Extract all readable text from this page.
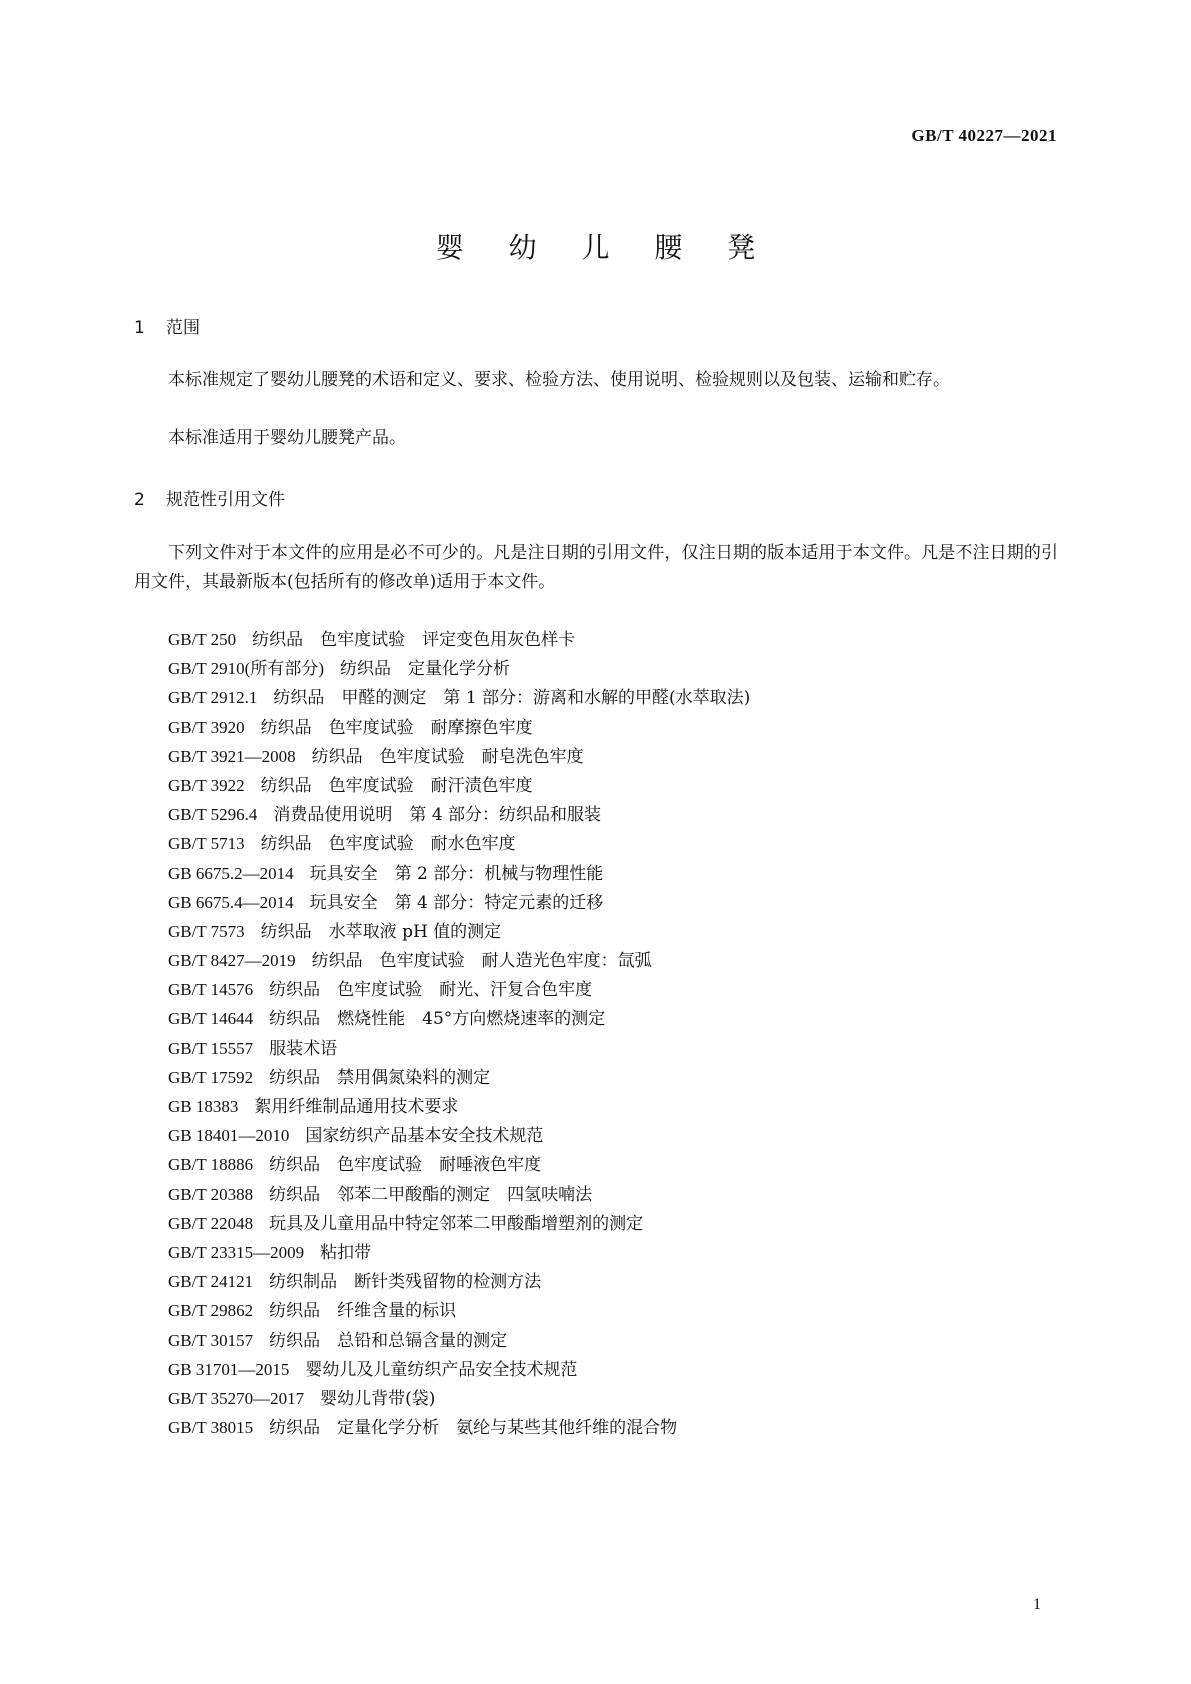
GB/T 40227—2021
婴 幼 儿 腰 凳
1 范围
本标准规定了婴幼儿腰凳的术语和定义、要求、检验方法、使用说明、检验规则以及包装、运输和贮存。
本标准适用于婴幼儿腰凳产品。
2 规范性引用文件
下列文件对于本文件的应用是必不可少的。凡是注日期的引用文件，仅注日期的版本适用于本文件。凡是不注日期的引用文件，其最新版本(包括所有的修改单)适用于本文件。
GB/T 250 纺织品　色牢度试验　评定变色用灰色样卡
GB/T 2910(所有部分) 纺织品　定量化学分析
GB/T 2912.1 纺织品　甲醛的测定　第 1 部分：游离和水解的甲醛(水萃取法)
GB/T 3920 纺织品　色牢度试验　耐摩擦色牢度
GB/T 3921—2008 纺织品　色牢度试验　耐皂洗色牢度
GB/T 3922 纺织品　色牢度试验　耐汗渍色牢度
GB/T 5296.4 消费品使用说明　第 4 部分：纺织品和服装
GB/T 5713 纺织品　色牢度试验　耐水色牢度
GB 6675.2—2014 玩具安全　第 2 部分：机械与物理性能
GB 6675.4—2014 玩具安全　第 4 部分：特定元素的迁移
GB/T 7573 纺织品　水萃取液 pH 值的测定
GB/T 8427—2019 纺织品　色牢度试验　耐人造光色牢度：氙弧
GB/T 14576 纺织品　色牢度试验　耐光、汗复合色牢度
GB/T 14644 纺织品　燃烧性能　45°方向燃烧速率的测定
GB/T 15557 服装术语
GB/T 17592 纺织品　禁用偶氮染料的测定
GB 18383 絮用纤维制品通用技术要求
GB 18401—2010 国家纺织产品基本安全技术规范
GB/T 18886 纺织品　色牢度试验　耐唾液色牢度
GB/T 20388 纺织品　邻苯二甲酸酯的测定　四氢呋喃法
GB/T 22048 玩具及儿童用品中特定邻苯二甲酸酯增塑剂的测定
GB/T 23315—2009 粘扣带
GB/T 24121 纺织制品　断针类残留物的检测方法
GB/T 29862 纺织品　纤维含量的标识
GB/T 30157 纺织品　总铅和总镉含量的测定
GB 31701—2015 婴幼儿及儿童纺织产品安全技术规范
GB/T 35270—2017 婴幼儿背带(袋)
GB/T 38015 纺织品　定量化学分析　氨纶与某些其他纤维的混合物
1
